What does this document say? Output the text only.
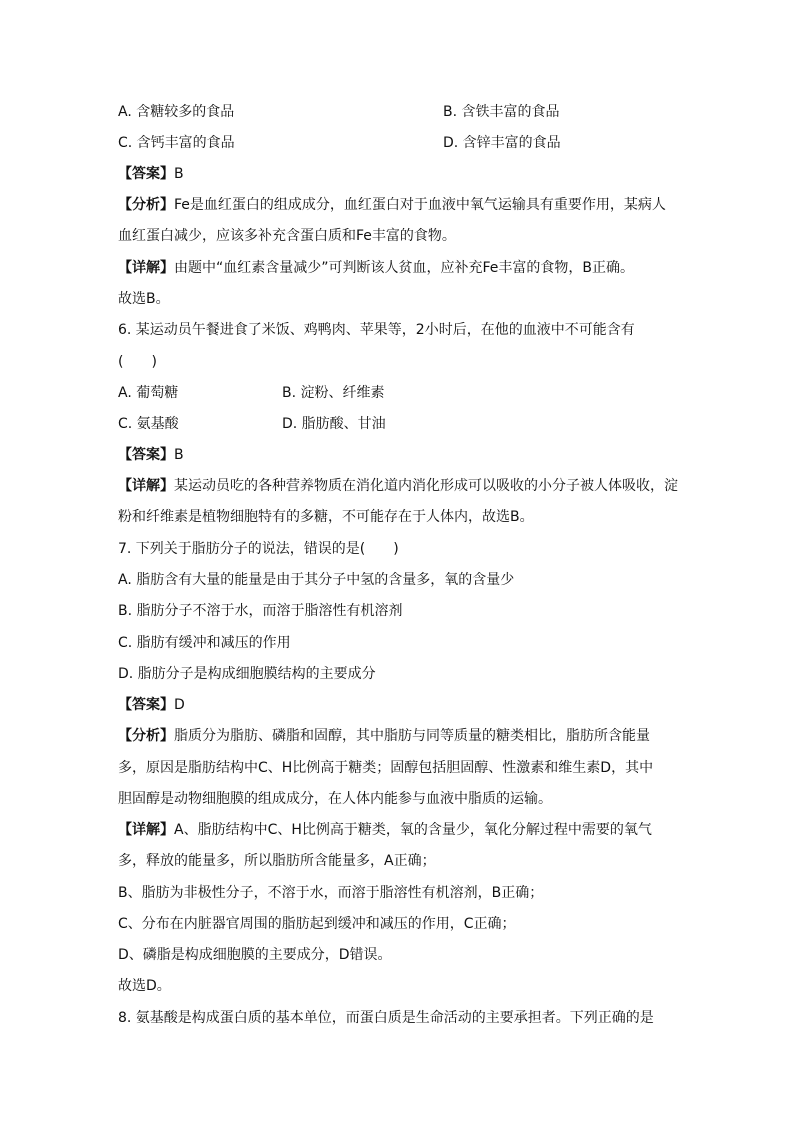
A. 含糖较多的食品	B. 含铁丰富的食品
C. 含钙丰富的食品	D. 含锌丰富的食品
【答案】B
【分析】Fe是血红蛋白的组成成分，血红蛋白对于血液中氧气运输具有重要作用，某病人
血红蛋白减少，应该多补充含蛋白质和Fe丰富的食物。
【详解】由题中“血红素含量减少”可判断该人贫血，应补充Fe丰富的食物，B正确。
故选B。
6. 某运动员午餐进食了米饭、鸡鸭肉、苹果等，2小时后，在他的血液中不可能含有
(　　)
A. 葡萄糖	B. 淀粉、纤维素
C. 氨基酸	D. 脂肪酸、甘油
【答案】B
【详解】某运动员吃的各种营养物质在消化道内消化形成可以吸收的小分子被人体吸收，淀
粉和纤维素是植物细胞特有的多糖，不可能存在于人体内，故选B。
7. 下列关于脂肪分子的说法，错误的是(　　)
A. 脂肪含有大量的能量是由于其分子中氢的含量多，氧的含量少
B. 脂肪分子不溶于水，而溶于脂溶性有机溶剂
C. 脂肪有缓冲和减压的作用
D. 脂肪分子是构成细胞膜结构的主要成分
【答案】D
【分析】脂质分为脂肪、磷脂和固醇，其中脂肪与同等质量的糖类相比，脂肪所含能量
多，原因是脂肪结构中C、H比例高于糖类；固醇包括胆固醇、性激素和维生素D，其中
胆固醇是动物细胞膜的组成成分，在人体内能参与血液中脂质的运输。
【详解】A、脂肪结构中C、H比例高于糖类，氧的含量少，氧化分解过程中需要的氧气
多，释放的能量多，所以脂肪所含能量多，A正确；
B、脂肪为非极性分子，不溶于水，而溶于脂溶性有机溶剂，B正确；
C、分布在内脏器官周围的脂肪起到缓冲和减压的作用，C正确；
D、磷脂是构成细胞膜的主要成分，D错误。
故选D。
8. 氨基酸是构成蛋白质的基本单位，而蛋白质是生命活动的主要承担者。下列正确的是
